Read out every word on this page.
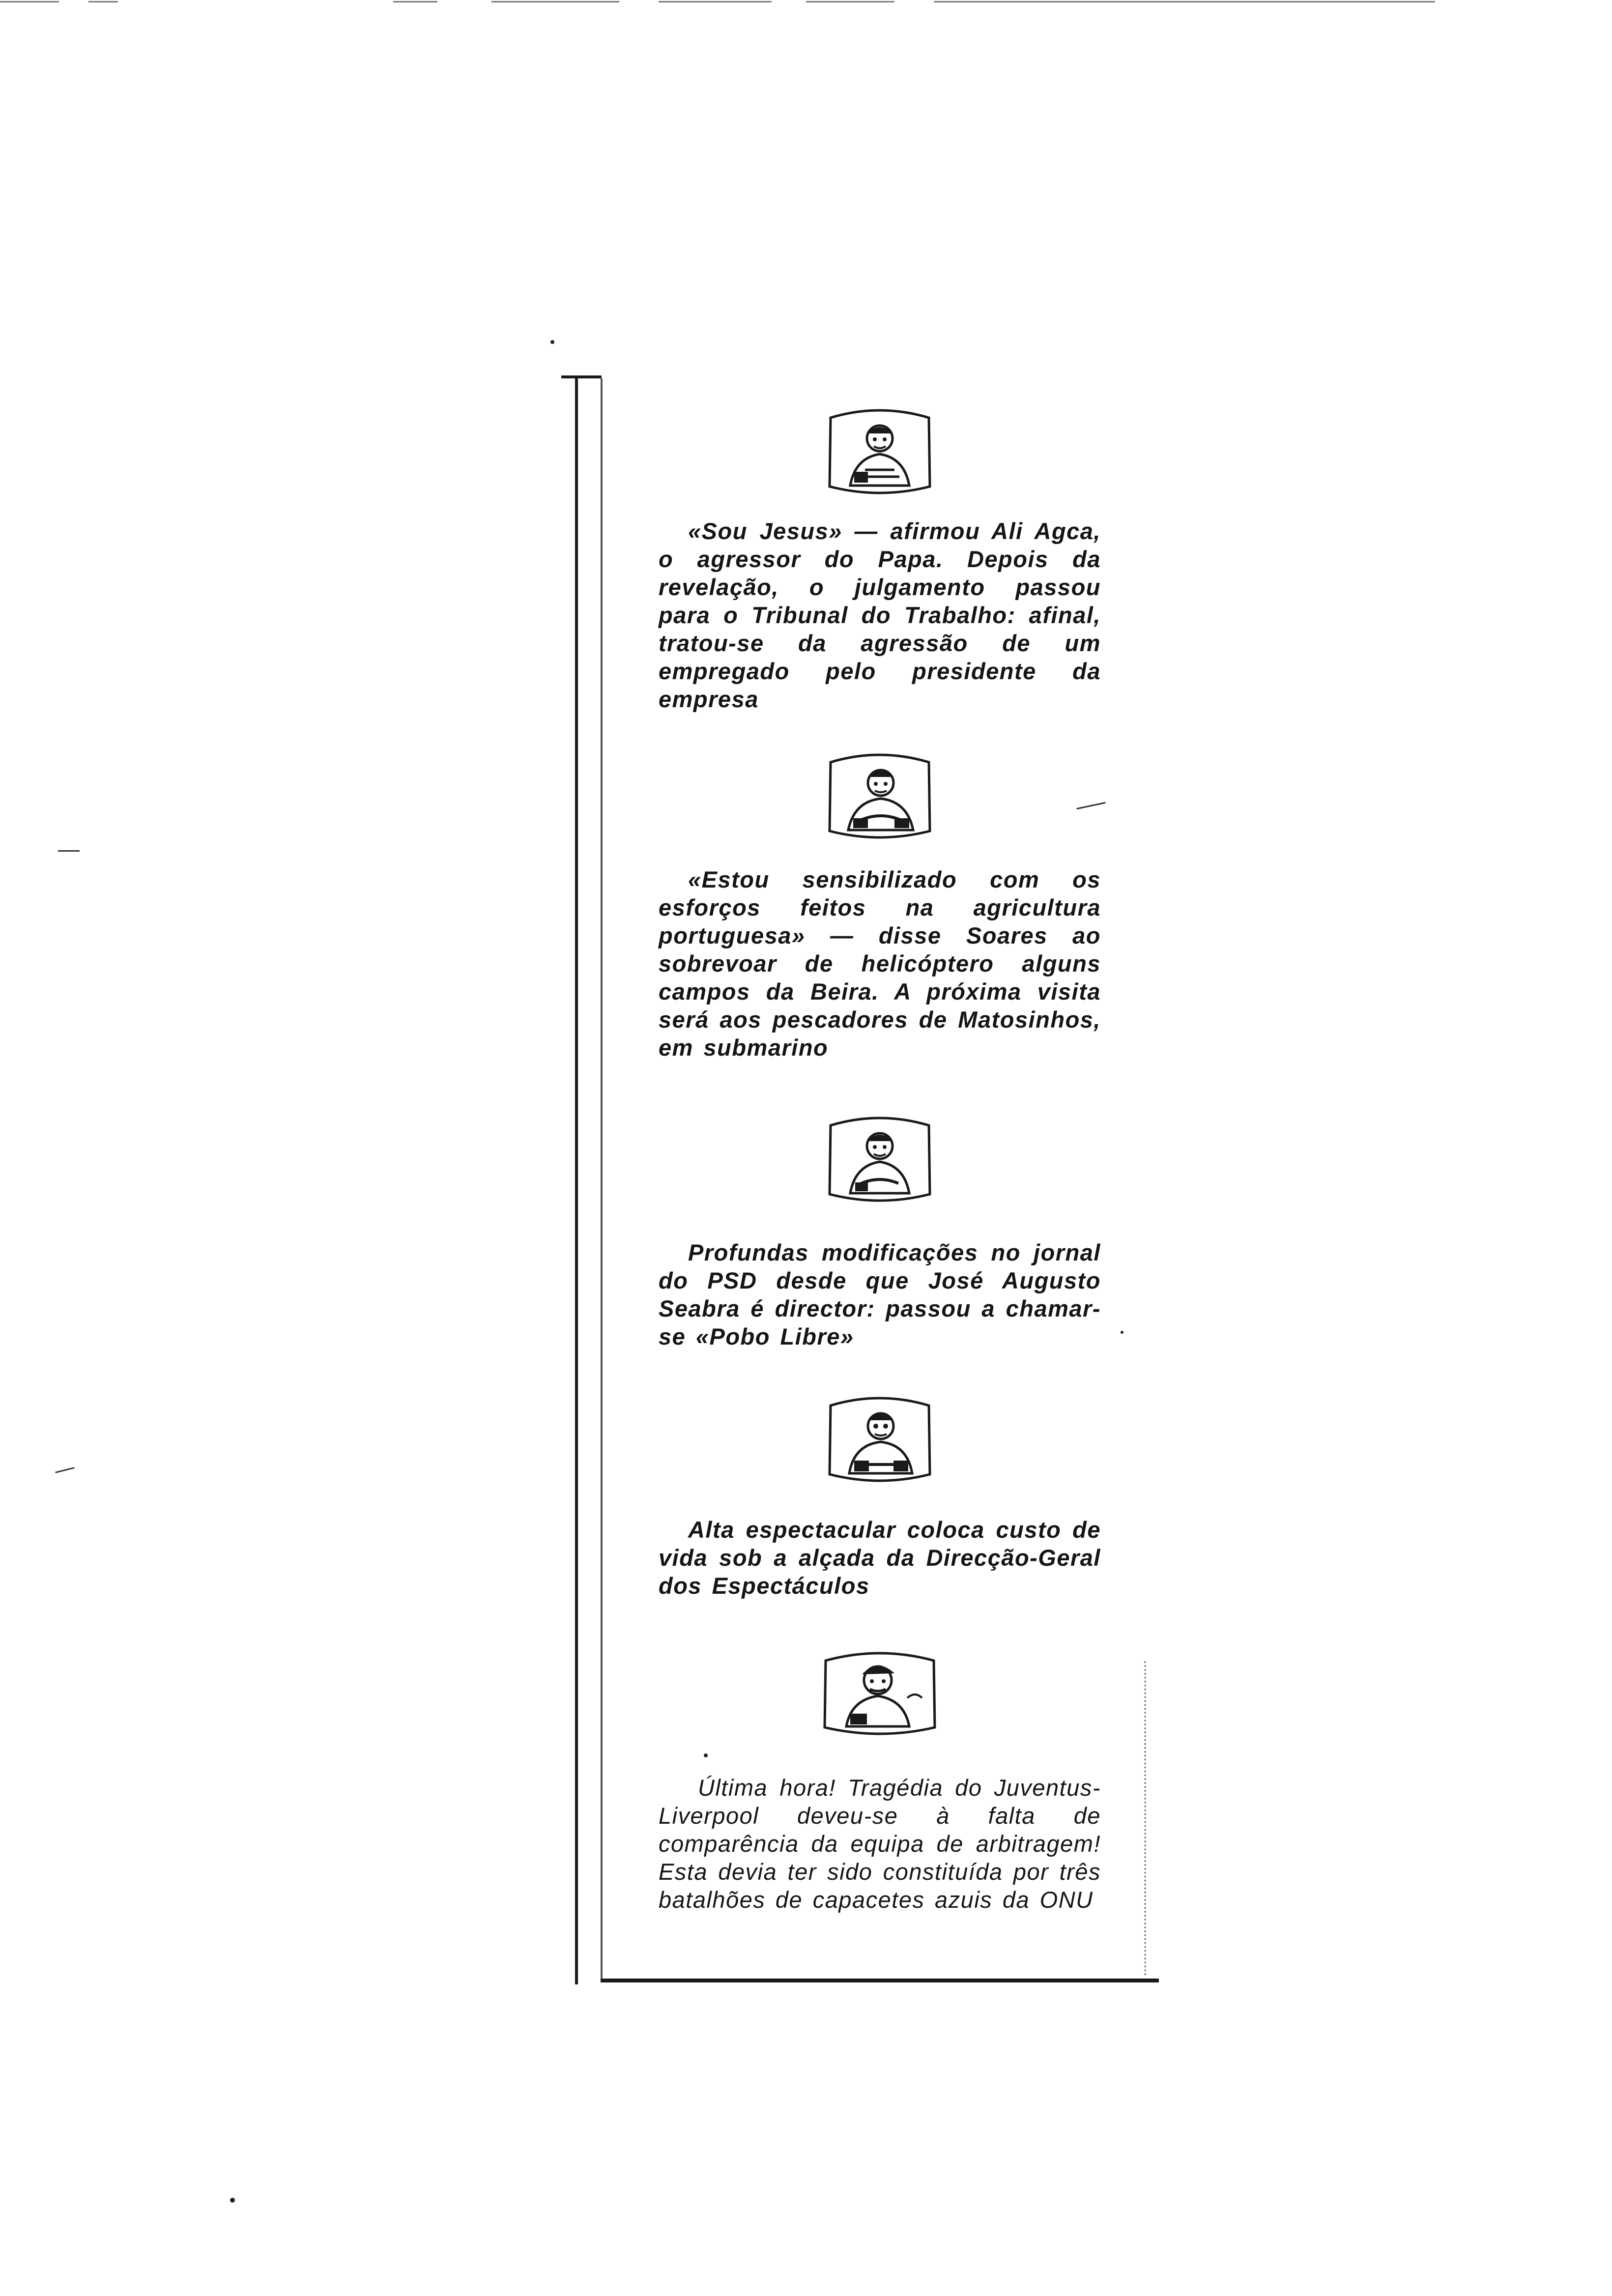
«Sou Jesus» — afirmou Ali Agca, o agressor do Papa. Depois da revelação, o julgamento passou para o Tribunal do Trabalho: afinal, tratou-se da agressão de um empregado pelo presidente da empresa

«Estou sensibilizado com os esforços feitos na agricultura portuguesa» — disse Soares ao sobrevoar de helicóptero alguns campos da Beira. A próxima visita será aos pescadores de Matosinhos, em submarino

Profundas modificações no jornal do PSD desde que José Augusto Seabra é director: passou a chamar-se «Pobo Libre»

Alta espectacular coloca custo de vida sob a alçada da Direcção-Geral dos Espectáculos

Última hora! Tragédia do Juventus-Liverpool deveu-se à falta de comparência da equipa de arbitragem! Esta devia ter sido constituída por três batalhões de capacetes azuis da ONU
